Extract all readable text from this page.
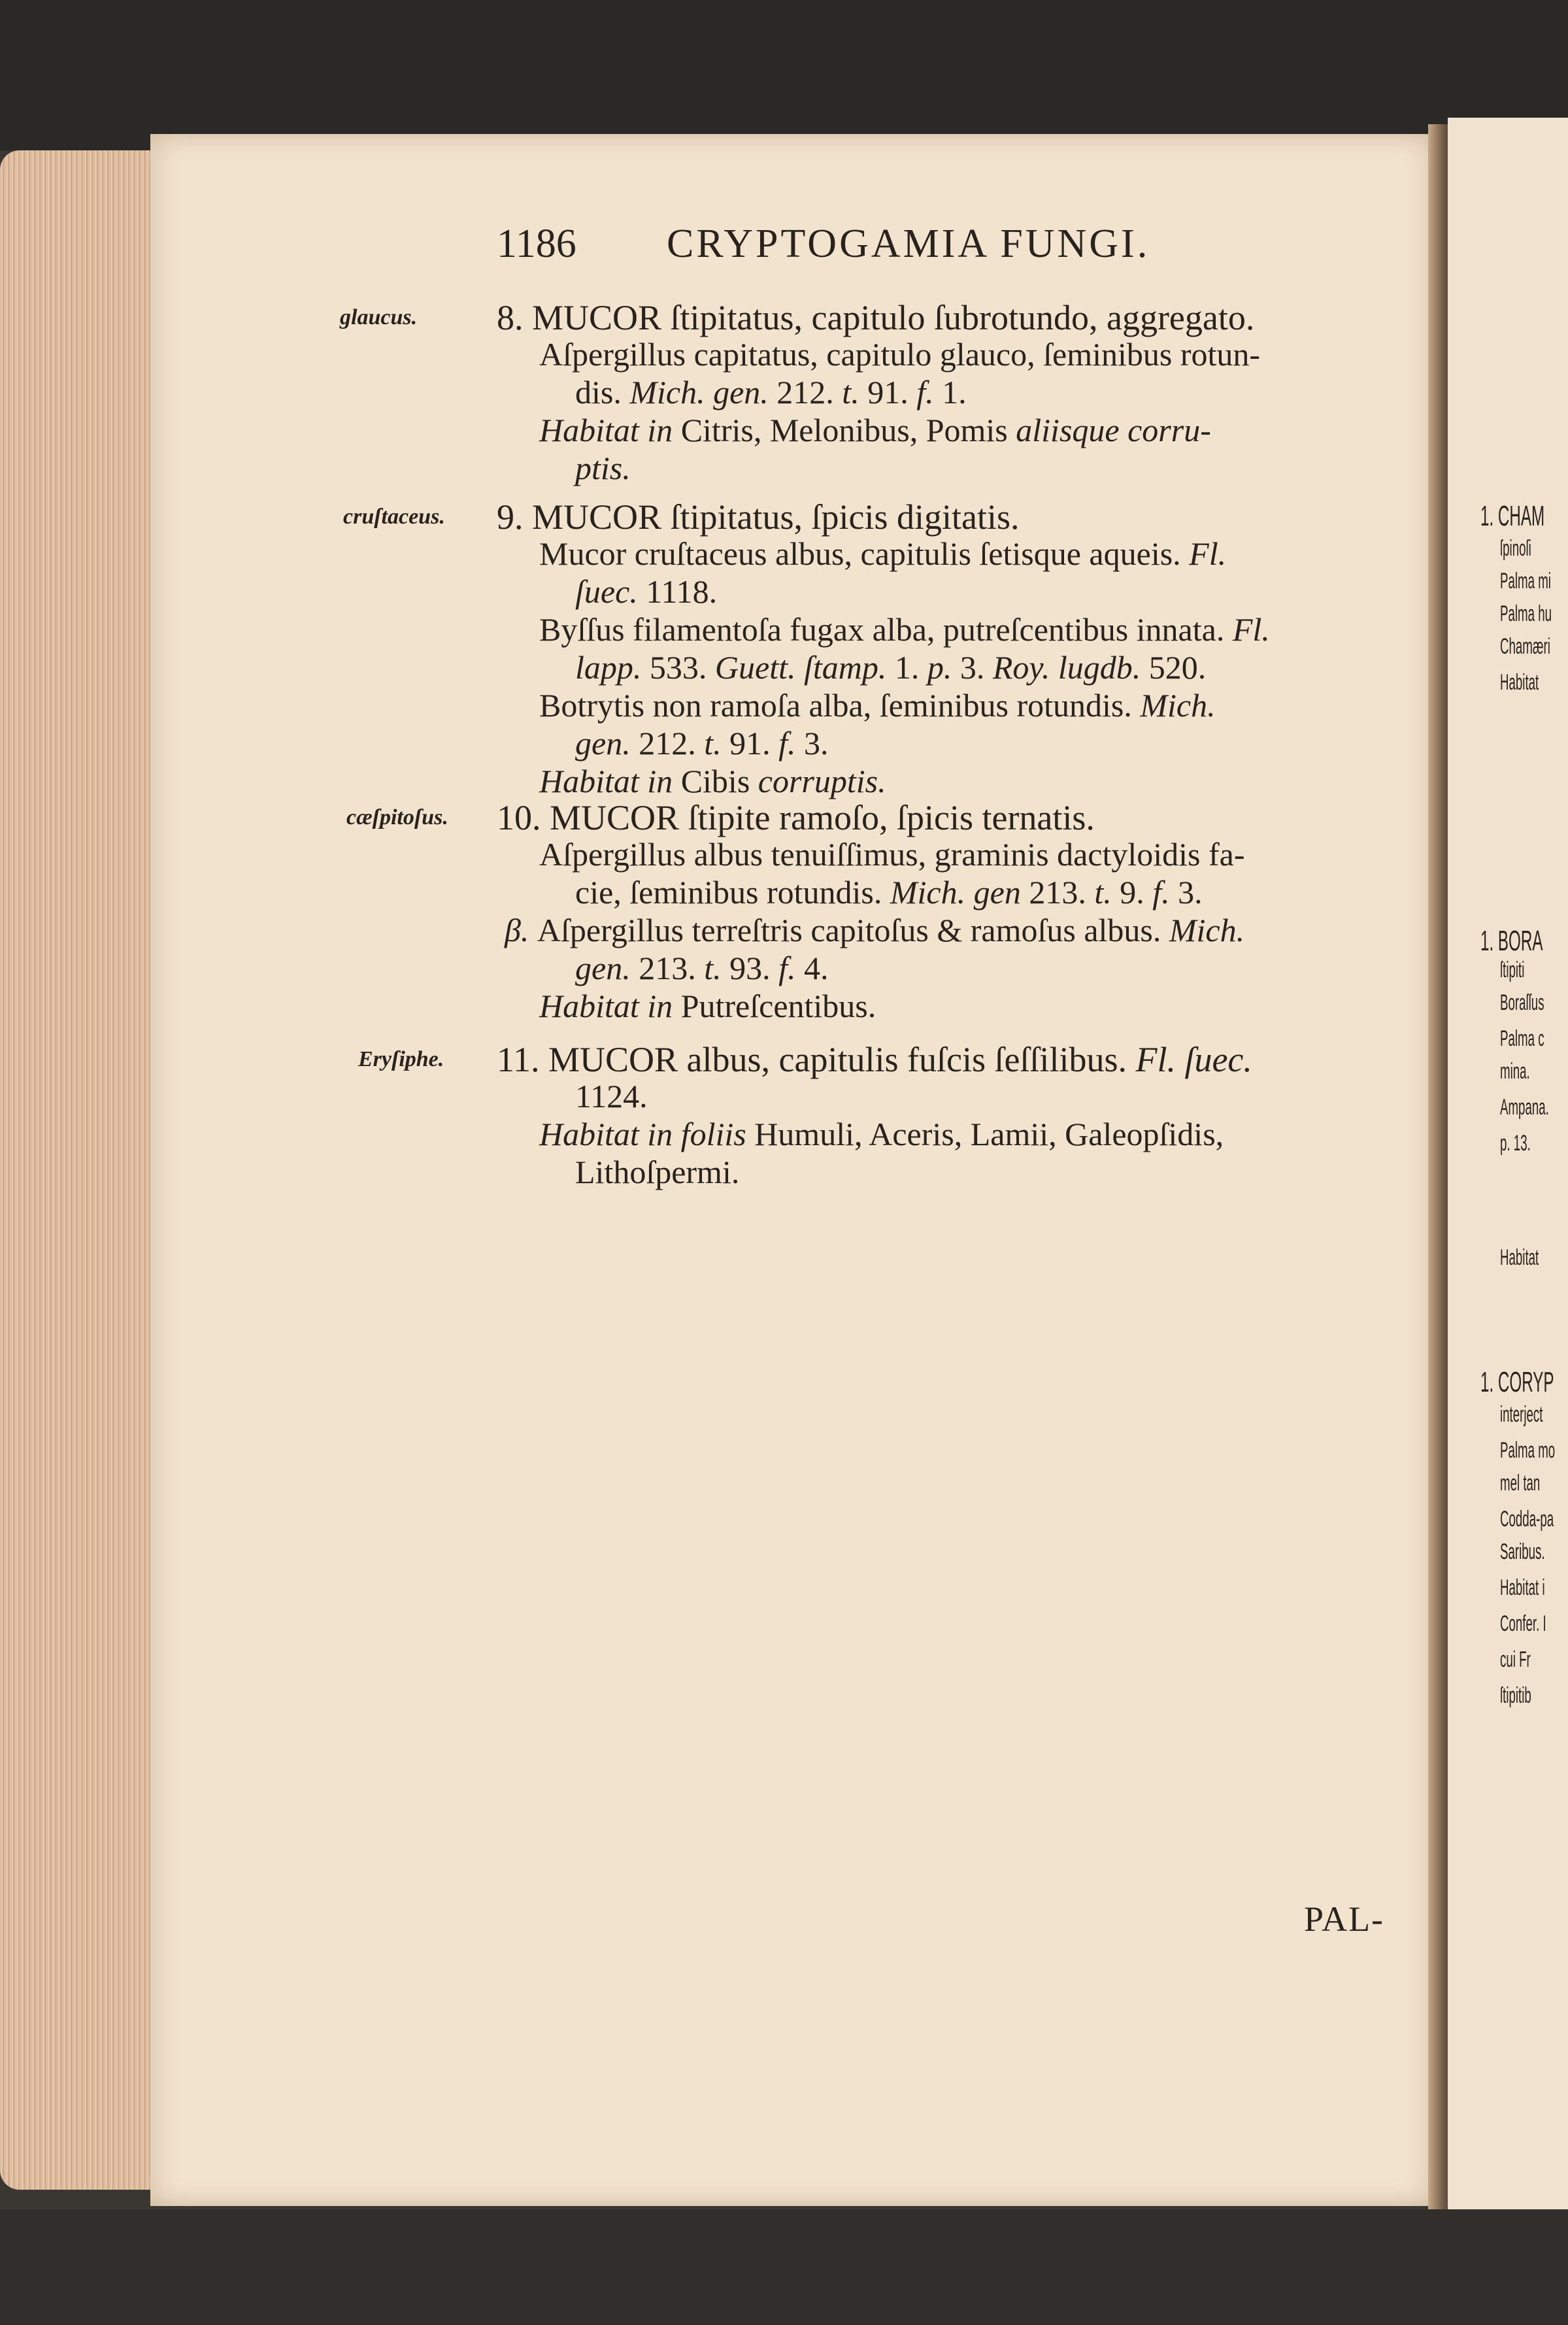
1. CHAM
ſpinoſi
Palma mi
Palma hu
Chamæri
Habitat
1. BORA
ſtipiti
Boraſſus
Palma c
mina.
Ampana.
p. 13.
Habitat
1. CORYP
interject
Palma mo
mel tan
Codda-pa
Saribus.
Habitat i
Confer. I
cui Fr
ſtipitib
1186 CRYPTOGAMIA FUNGI.
glaucus. 8. MUCOR ſtipitatus, capitulo ſubrotundo, aggregato.
Aſpergillus capitatus, capitulo glauco, ſeminibus rotun-
dis. Mich. gen. 212. t. 91. f. 1.
Habitat in Citris, Melonibus, Pomis aliisque corru-
ptis.
cruſtaceus. 9. MUCOR ſtipitatus, ſpicis digitatis.
Mucor cruſtaceus albus, capitulis ſetisque aqueis. Fl.
ſuec. 1118.
Byſſus filamentoſa fugax alba, putreſcentibus innata. Fl.
lapp. 533. Guett. ſtamp. 1. p. 3. Roy. lugdb. 520.
Botrytis non ramoſa alba, ſeminibus rotundis. Mich.
gen. 212. t. 91. f. 3.
Habitat in Cibis corruptis.
cæſpitoſus. 10. MUCOR ſtipite ramoſo, ſpicis ternatis.
Aſpergillus albus tenuiſſimus, graminis dactyloidis fa-
cie, ſeminibus rotundis. Mich. gen 213. t. 9. f. 3.
β. Aſpergillus terreſtris capitoſus & ramoſus albus. Mich.
gen. 213. t. 93. f. 4.
Habitat in Putreſcentibus.
Eryſiphe. 11. MUCOR albus, capitulis fuſcis ſeſſilibus. Fl. ſuec.
1124.
Habitat in foliis Humuli, Aceris, Lamii, Galeopſidis,
Lithoſpermi.
PAL-
